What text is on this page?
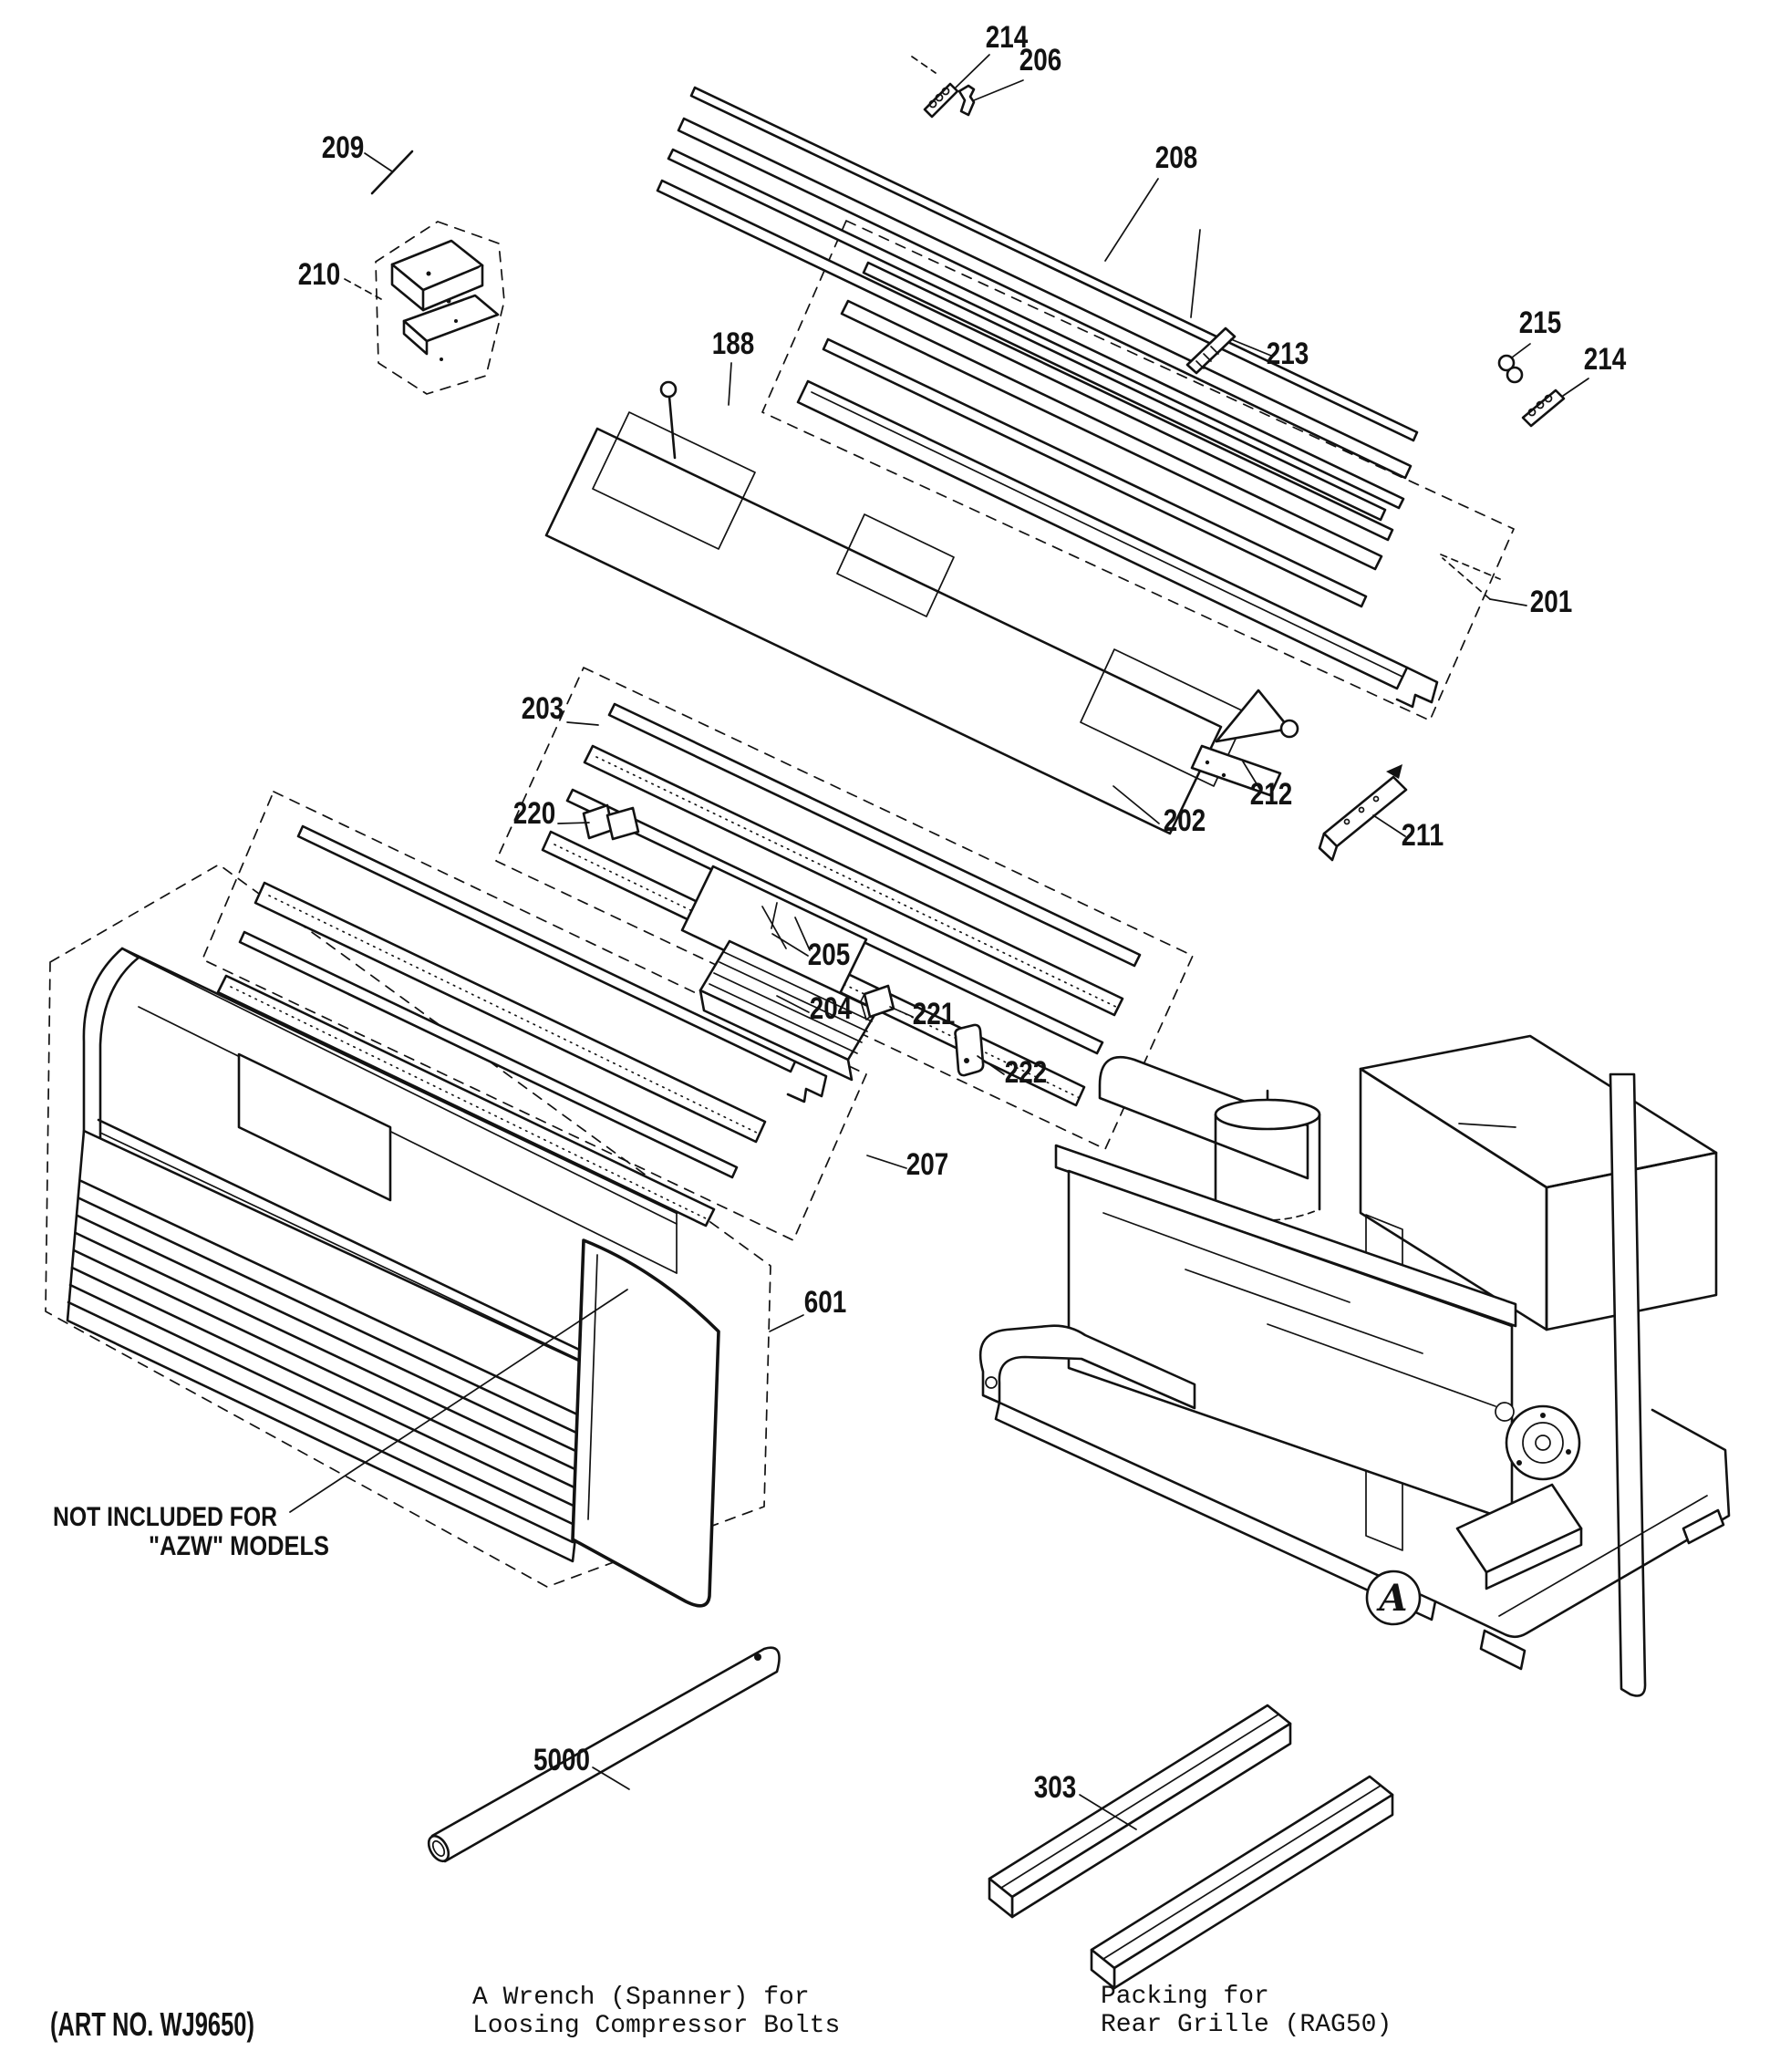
209
210
214
206
208
188	213
215
214
201
203
220	202
212
211
205
204 221
222
207
601
5000
303
A
NOT INCLUDED FOR
"AZW" MODELS
A Wrench (Spanner) for
Loosing Compressor Bolts
Packing for
Rear Grille (RAG50)
(ART NO. WJ9650)
